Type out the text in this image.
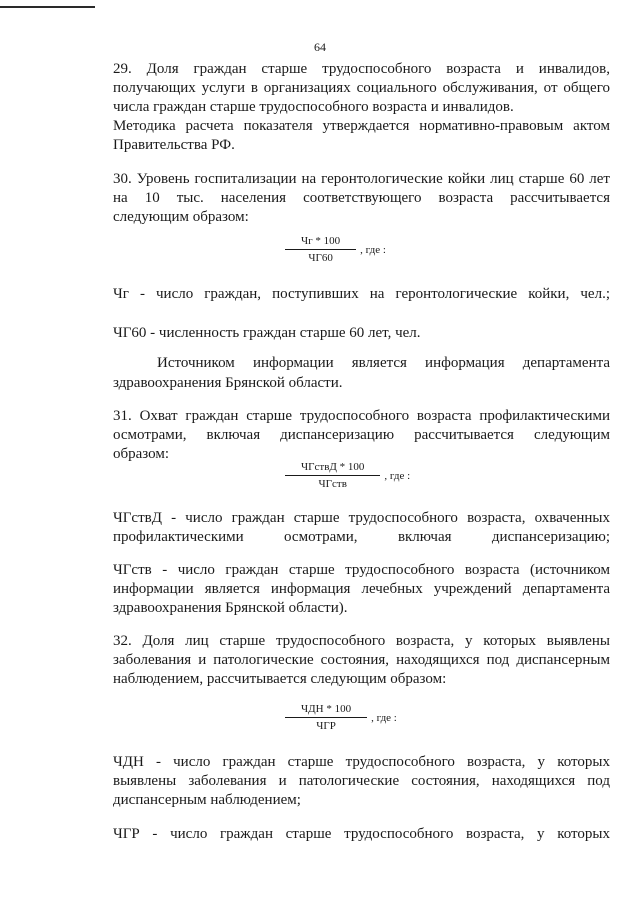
64
29. Доля граждан старше трудоспособного возраста и инвалидов,
получающих услуги в организациях социального обслуживания, от общего
числа граждан старше трудоспособного возраста и инвалидов.
Методика расчета показателя утверждается нормативно-правовым актом
Правительства РФ.
30. Уровень госпитализации на геронтологические койки лиц старше 60 лет
на 10 тыс. населения соответствующего возраста рассчитывается
следующим образом:
$\frac{Чг * 100}{ЧГ60}$ , где :
Чг - число граждан, поступивших на геронтологические койки, чел.;
ЧГ60 - численность граждан старше 60 лет, чел.
Источником информации является информация департамента
здравоохранения Брянской области.
31. Охват граждан старше трудоспособного возраста профилактическими
осмотрами, включая диспансеризацию рассчитывается следующим
образом:
$\frac{\text{ЧГствД * 100}}{\text{ЧГств}}$ , где :
ЧГствД - число граждан старше трудоспособного возраста, охваченных
профилактическими осмотрами, включая диспансеризацию;
ЧГств - число граждан старше трудоспособного возраста (источником
информации является информация лечебных учреждений департамента
здравоохранения Брянской области).
32. Доля лиц старше трудоспособного возраста, у которых выявлены
заболевания и патологические состояния, находящихся под диспансерным
наблюдением, рассчитывается следующим образом:
$\frac{\text{ЧДН * 100}}{\text{ЧГР}}$ , где :
ЧДН - число граждан старше трудоспособного возраста, у которых
выявлены заболевания и патологические состояния, находящихся под
диспансерным наблюдением;
ЧГР - число граждан старше трудоспособного возраста, у которых
